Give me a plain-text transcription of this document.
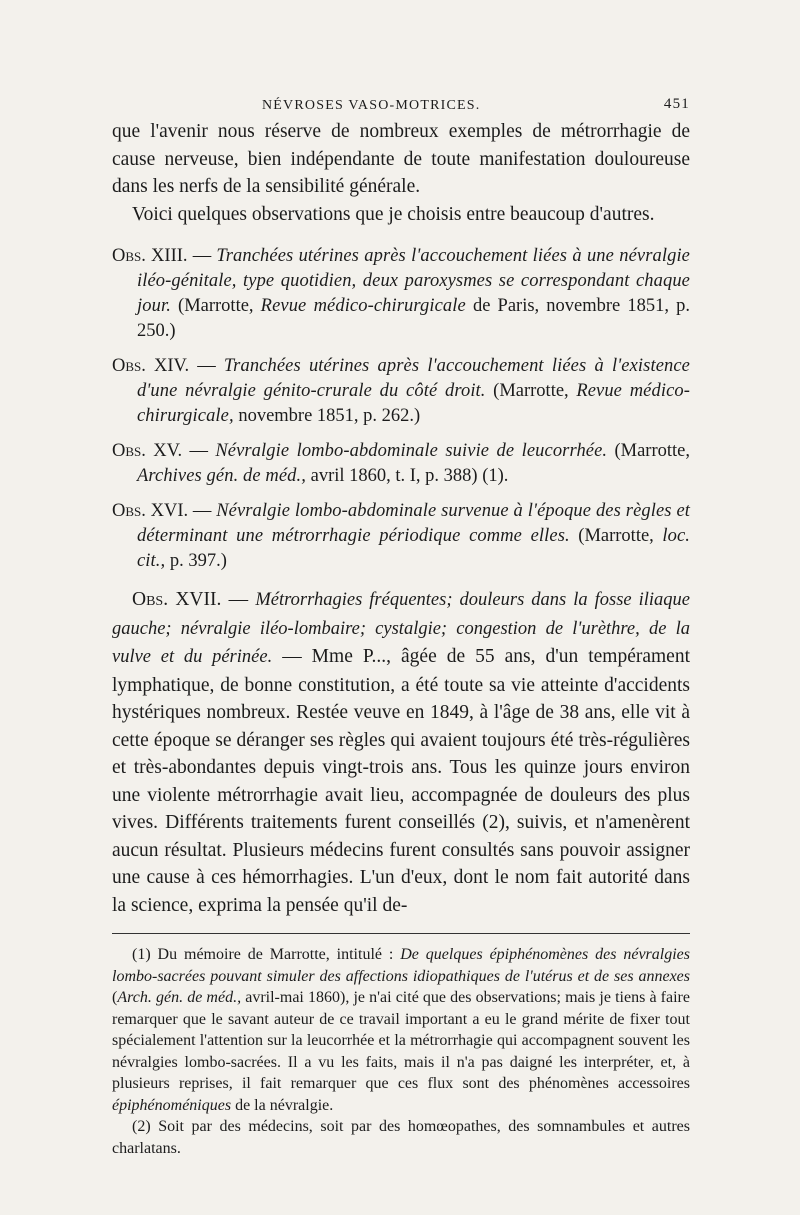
NÉVROSES VASO-MOTRICES.	451

que l'avenir nous réserve de nombreux exemples de métrorrhagie de cause nerveuse, bien indépendante de toute manifestation douloureuse dans les nerfs de la sensibilité générale.

Voici quelques observations que je choisis entre beaucoup d'autres.

Obs. XIII. — Tranchées utérines après l'accouchement liées à une névralgie iléo-génitale, type quotidien, deux paroxysmes se correspondant chaque jour. (Marrotte, Revue médico-chirurgicale de Paris, novembre 1851, p. 250.)

Obs. XIV. — Tranchées utérines après l'accouchement liées à l'existence d'une névralgie génito-crurale du côté droit. (Marrotte, Revue médico-chirurgicale, novembre 1851, p. 262.)

Obs. XV. — Névralgie lombo-abdominale suivie de leucorrhée. (Marrotte, Archives gén. de méd., avril 1860, t. I, p. 388) (1).

Obs. XVI. — Névralgie lombo-abdominale survenue à l'époque des règles et déterminant une métrorrhagie périodique comme elles. (Marrotte, loc. cit., p. 397.)

Obs. XVII. — Métrorrhagies fréquentes; douleurs dans la fosse iliaque gauche; névralgie iléo-lombaire; cystalgie; congestion de l'urèthre, de la vulve et du périnée. — Mme P..., âgée de 55 ans, d'un tempérament lymphatique, de bonne constitution, a été toute sa vie atteinte d'accidents hystériques nombreux. Restée veuve en 1849, à l'âge de 38 ans, elle vit à cette époque se déranger ses règles qui avaient toujours été très-régulières et très-abondantes depuis vingt-trois ans. Tous les quinze jours environ une violente métrorrhagie avait lieu, accompagnée de douleurs des plus vives. Différents traitements furent conseillés (2), suivis, et n'amenèrent aucun résultat. Plusieurs médecins furent consultés sans pouvoir assigner une cause à ces hémorrhagies. L'un d'eux, dont le nom fait autorité dans la science, exprima la pensée qu'il de-

(1) Du mémoire de Marrotte, intitulé : De quelques épiphénomènes des névralgies lombo-sacrées pouvant simuler des affections idiopathiques de l'utérus et de ses annexes (Arch. gén. de méd., avril-mai 1860), je n'ai cité que des observations; mais je tiens à faire remarquer que le savant auteur de ce travail important a eu le grand mérite de fixer tout spécialement l'attention sur la leucorrhée et la métrorrhagie qui accompagnent souvent les névralgies lombo-sacrées. Il a vu les faits, mais il n'a pas daigné les interpréter, et, à plusieurs reprises, il fait remarquer que ces flux sont des phénomènes accessoires épiphénoméniques de la névralgie.

(2) Soit par des médecins, soit par des homœopathes, des somnambules et autres charlatans.
